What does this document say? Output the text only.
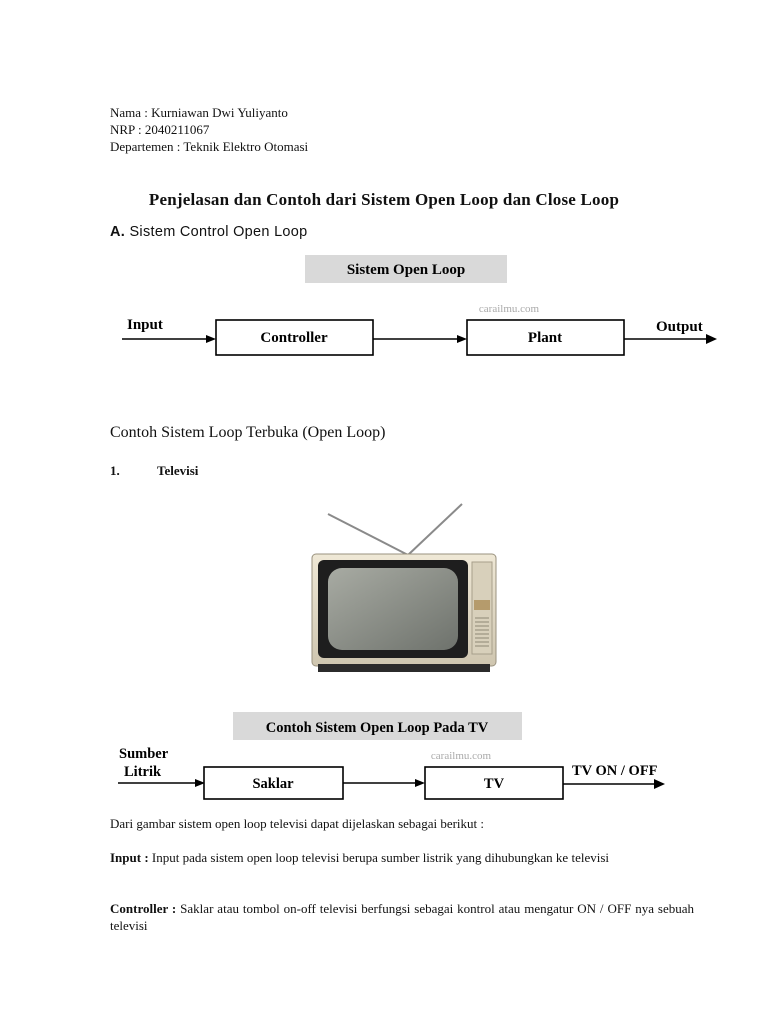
Nama : Kurniawan Dwi Yuliyanto
NRP : 2040211067
Departemen : Teknik Elektro Otomasi
Penjelasan dan Contoh dari Sistem Open Loop dan Close Loop
A. Sistem Control Open Loop
Sistem Open Loop
carailmu.com
Input
Controller	Plant
Output
Contoh Sistem Loop Terbuka (Open Loop)
1.	Televisi
Contoh Sistem Open Loop Pada TV
carailmu.com
Sumber
Litrik
Saklar	TV
TV ON / OFF
Dari gambar sistem open loop televisi dapat dijelaskan sebagai berikut :
Input : Input pada sistem open loop televisi berupa sumber listrik yang dihubungkan ke televisi
Controller : Saklar atau tombol on-off televisi berfungsi sebagai kontrol atau mengatur ON / OFF nya sebuah televisi
